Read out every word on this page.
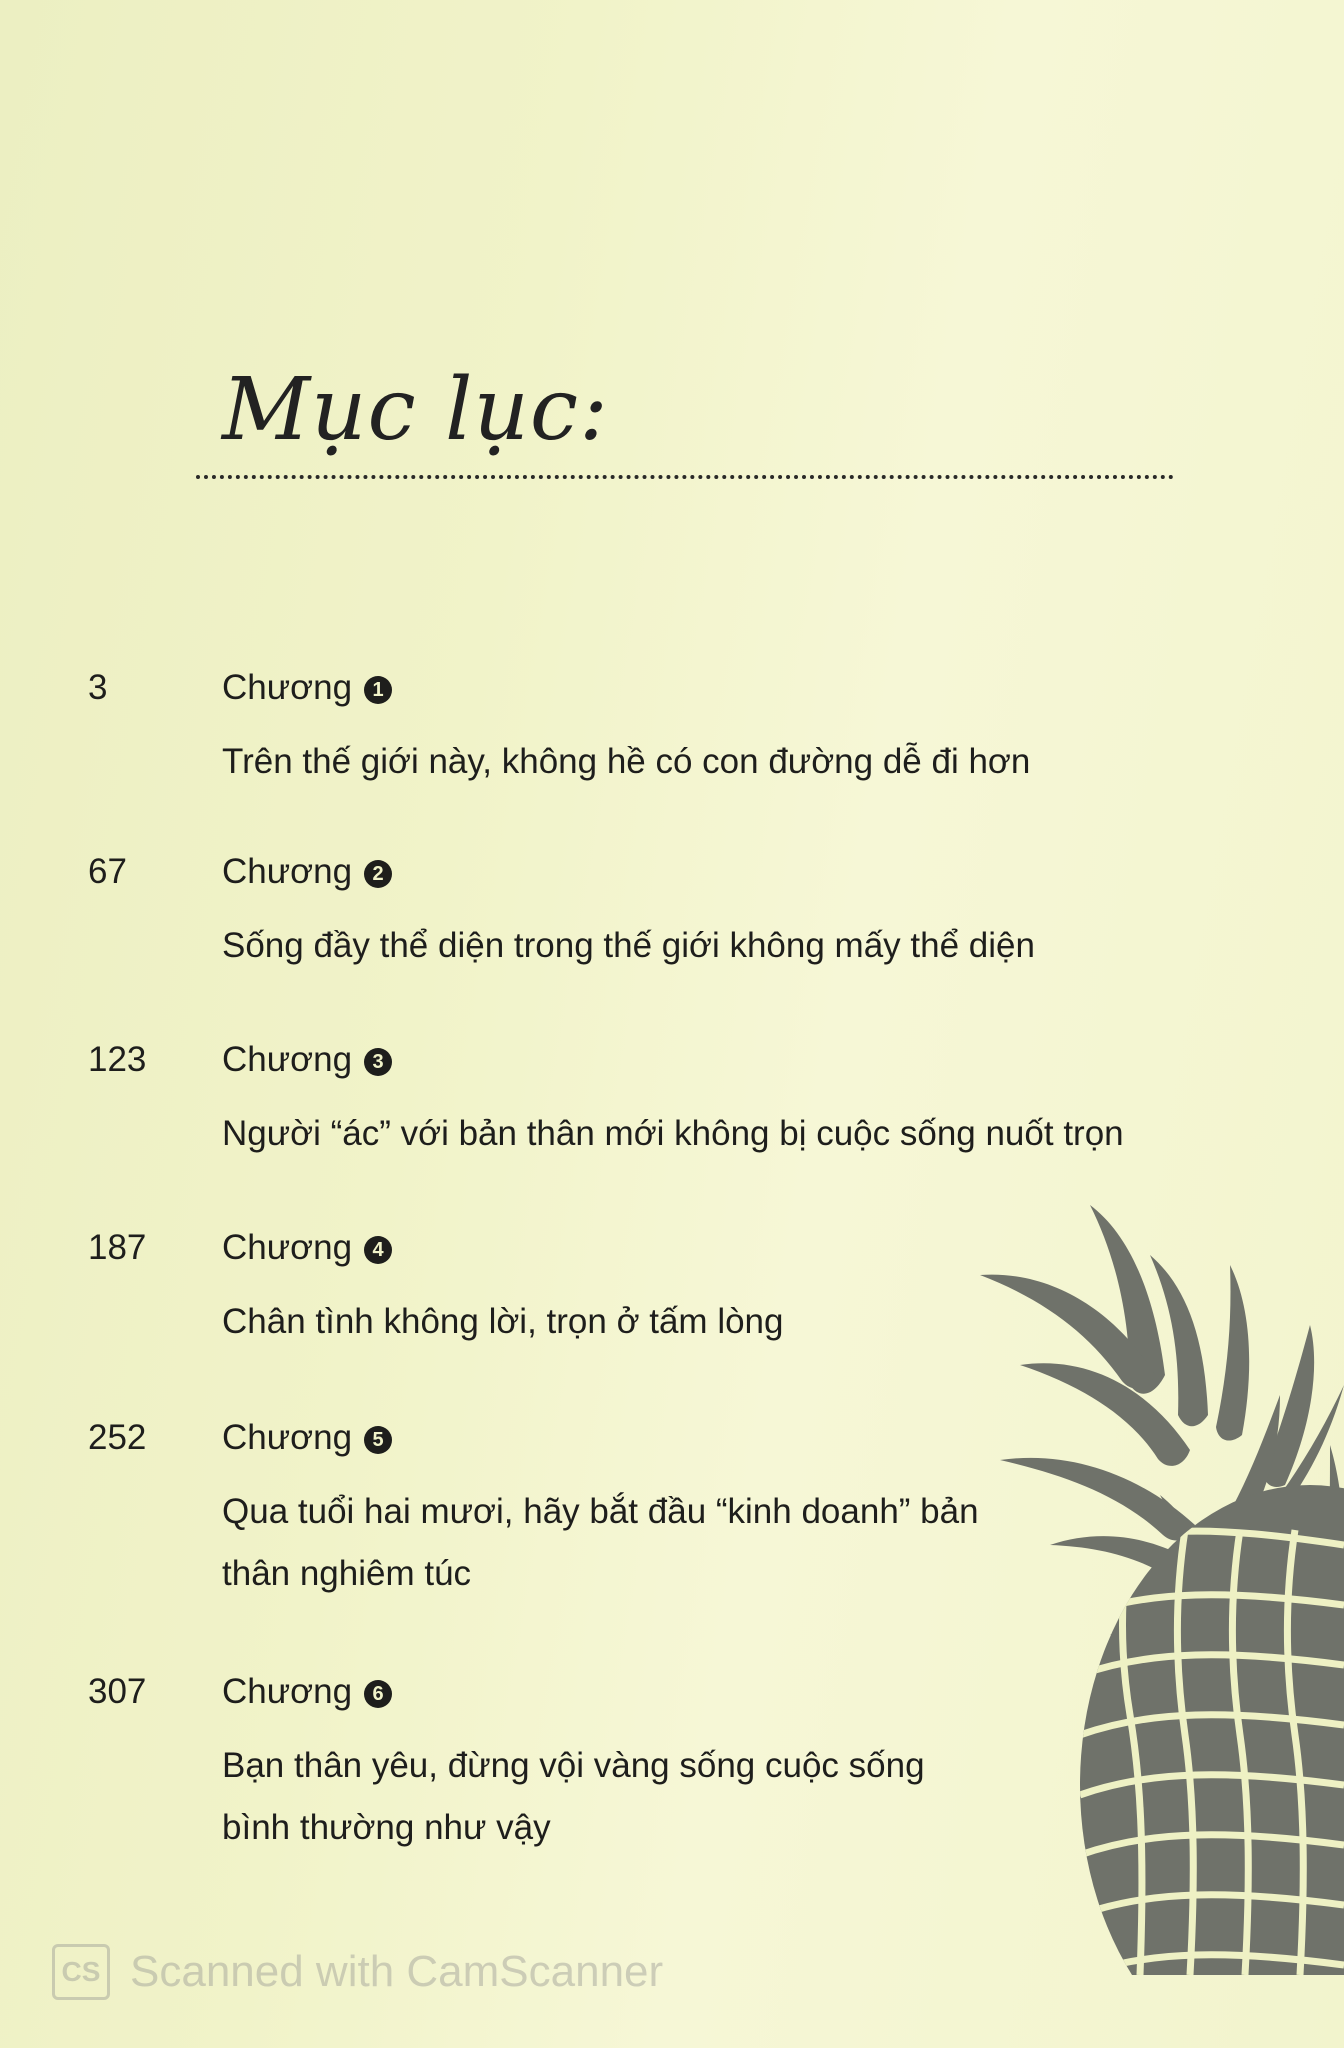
Mục lục:
3	Chương 1
Trên thế giới này, không hề có con đường dễ đi hơn
67	Chương 2
Sống đầy thể diện trong thế giới không mấy thể diện
123 Chương 3
Người “ác” với bản thân mới không bị cuộc sống nuốt trọn
187 Chương 4
Chân tình không lời, trọn ở tấm lòng
252 Chương 5
Qua tuổi hai mươi, hãy bắt đầu “kinh doanh” bản thân nghiêm túc
307 Chương 6
Bạn thân yêu, đừng vội vàng sống cuộc sống bình thường như vậy
CS Scanned with CamScanner
